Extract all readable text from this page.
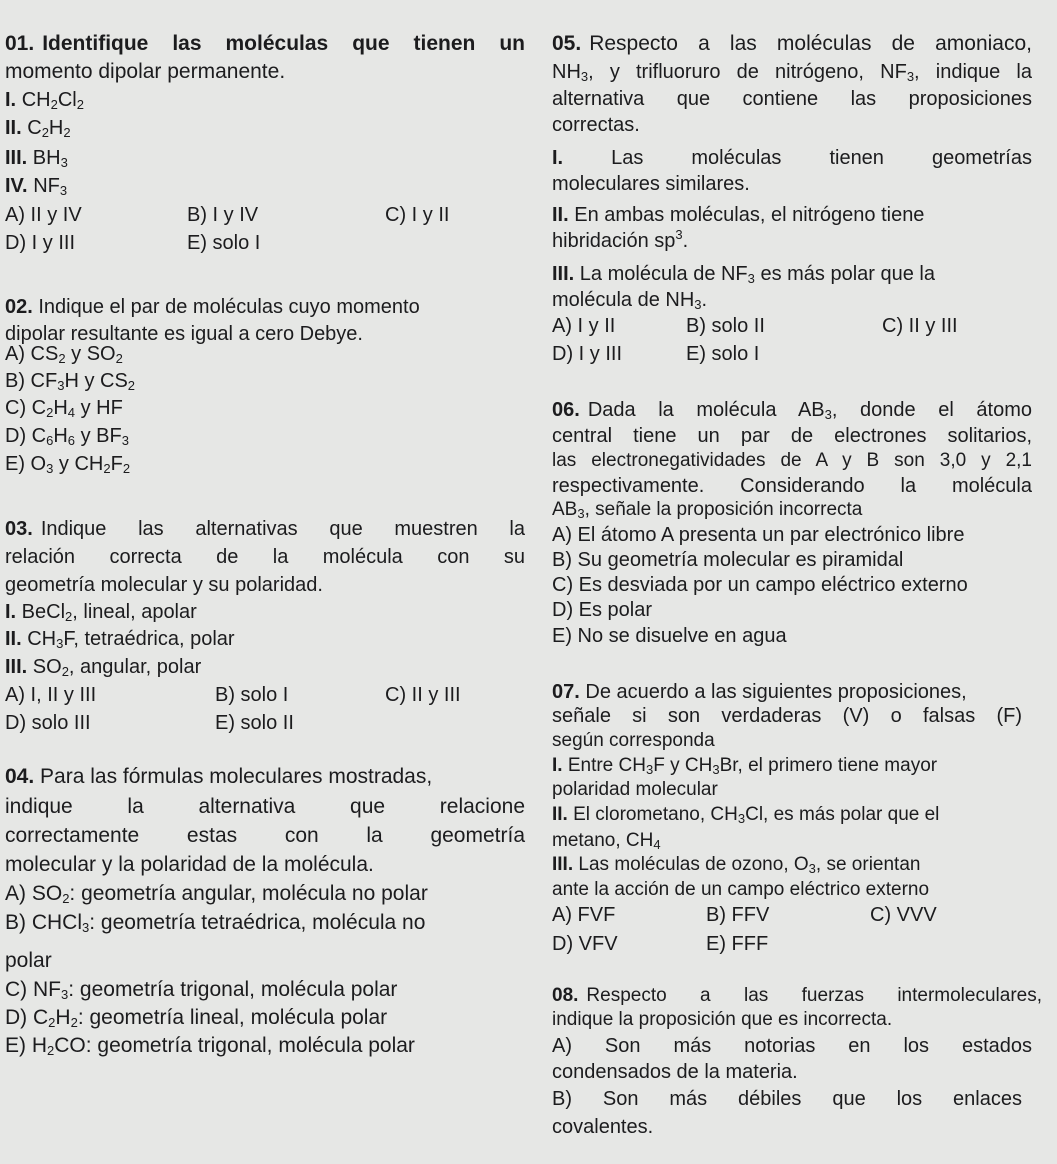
01. Identifique las moléculas que tienen un
momento dipolar permanente.
I. $CH_2Cl_2$
II. $C_2H_2$
III. $BH_3$
IV. $NF_3$
A) II y IV	B) I y IV	C) I y II
D) I y III	E) solo I
02. Indique el par de moléculas cuyo momento
dipolar resultante es igual a cero Debye.
A) $CS_2$ y $SO_2$
B) $CF_3H$ y $CS_2$
C) $C_2H_4$ y HF
D) $C_6H_6$ y $BF_3$
E) $O_3$ y $CH_2F_2$
03. Indique las alternativas que muestren la
relación correcta de la molécula con su
geometría molecular y su polaridad.
I. BeCl$_2$, lineal, apolar
II. $CH_3F$, tetraédrica, polar
III. $SO_2$, angular, polar
A) I, II y III	B) solo I	C) II y III
D) solo III	E) solo II
04. Para las fórmulas moleculares mostradas,
indique la alternativa que relacione
correctamente estas con la geometría
molecular y la polaridad de la molécula.
A) $SO_2$: geometría angular, molécula no polar
B) CHCl$_3$: geometría tetraédrica, molécula no
polar
C) $NF_3$: geometría trigonal, molécula polar
D) $C_2H_2$: geometría lineal, molécula polar
E) $H_2CO$: geometría trigonal, molécula polar
05. Respecto a las moléculas de amoniaco,
$NH_3$, y trifluoruro de nitrógeno, $NF_3$, indique la
alternativa que contiene las proposiciones
correctas.
I. Las moléculas tienen geometrías
moleculares similares.
II. En ambas moléculas, el nitrógeno tiene
hibridación $sp^3$.
III. La molécula de $NF_3$ es más polar que la
molécula de $NH_3$.
A) I y II	B) solo II	C) II y III
D) I y III	E) solo I
06. Dada la molécula $AB_3$, donde el átomo
central tiene un par de electrones solitarios,
las electronegatividades de A y B son 3,0 y 2,1
respectivamente. Considerando la molécula
$AB_3$, señale la proposición incorrecta
A) El átomo A presenta un par electrónico libre
B) Su geometría molecular es piramidal
C) Es desviada por un campo eléctrico externo
D) Es polar
E) No se disuelve en agua
07. De acuerdo a las siguientes proposiciones,
señale si son verdaderas (V) o falsas (F)
según corresponda
I. Entre $CH_3F$ y $CH_3Br$, el primero tiene mayor
polaridad molecular
II. El clorometano, $CH_3Cl$, es más polar que el
metano, $CH_4$
III. Las moléculas de ozono, $O_3$, se orientan
ante la acción de un campo eléctrico externo
A) FVF	B) FFV	C) VVV
D) VFV	E) FFF
08. Respecto a las fuerzas intermoleculares,
indique la proposición que es incorrecta.
A) Son más notorias en los estados
condensados de la materia.
B) Son más débiles que los enlaces
covalentes.
